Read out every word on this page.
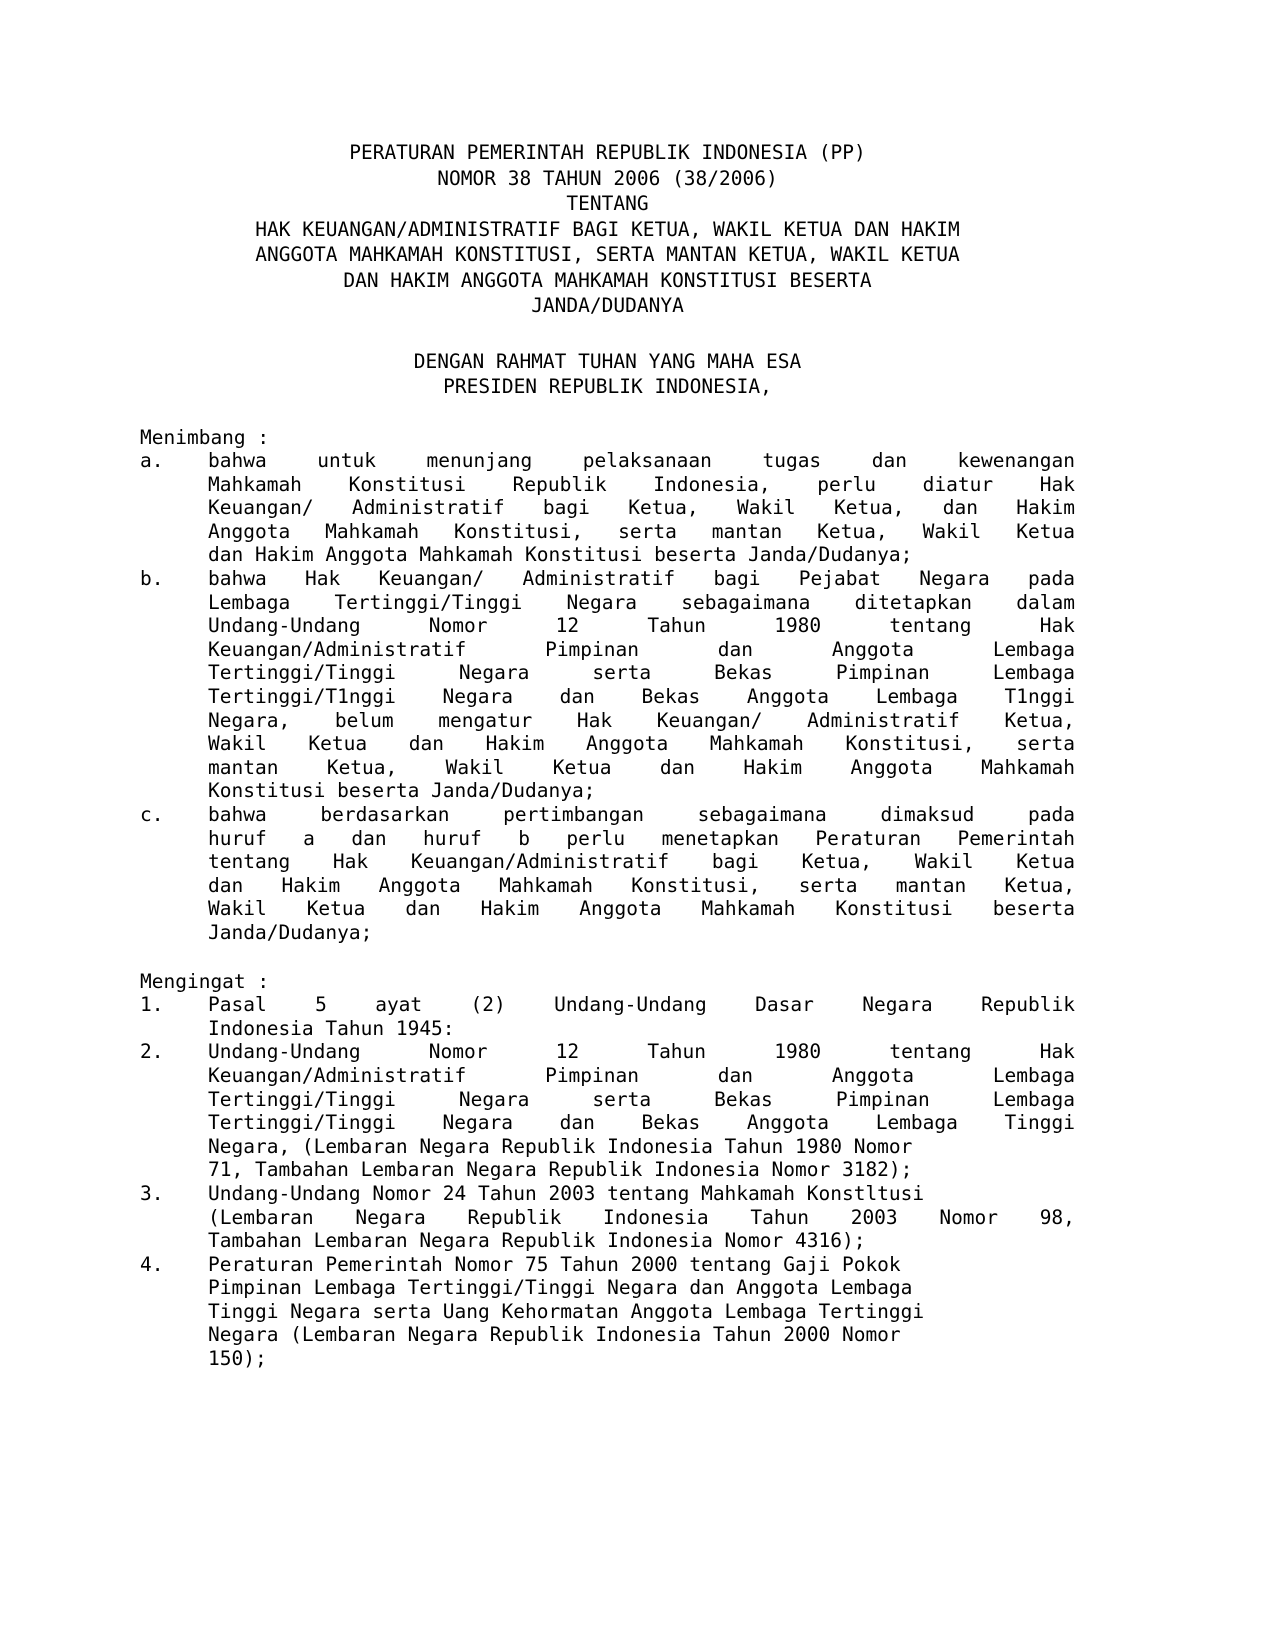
PERATURAN PEMERINTAH REPUBLIK INDONESIA (PP)
NOMOR 38 TAHUN 2006 (38/2006)
TENTANG
HAK KEUANGAN/ADMINISTRATIF BAGI KETUA, WAKIL KETUA DAN HAKIM
ANGGOTA MAHKAMAH KONSTITUSI, SERTA MANTAN KETUA, WAKIL KETUA
DAN HAKIM ANGGOTA MAHKAMAH KONSTITUSI BESERTA
JANDA/DUDANYA
DENGAN RAHMAT TUHAN YANG MAHA ESA
PRESIDEN REPUBLIK INDONESIA,
Menimbang :
a.	bahwa	untuk	menunjang	pelaksanaan	tugas	dan	kewenangan
Mahkamah Konstitusi Republik Indonesia, perlu diatur Hak
Keuangan/ Administratif bagi Ketua, Wakil Ketua, dan Hakim
Anggota Mahkamah Konstitusi, serta mantan Ketua, Wakil Ketua
dan Hakim Anggota Mahkamah Konstitusi beserta Janda/Dudanya;
b.	bahwa Hak Keuangan/ Administratif bagi Pejabat Negara pada
Lembaga Tertinggi/Tinggi Negara sebagaimana ditetapkan dalam
Undang-Undang	Nomor	12	Tahun	1980	tentang	Hak
Keuangan/Administratif	Pimpinan	dan	Anggota	Lembaga
Tertinggi/Tinggi	Negara	serta	Bekas	Pimpinan	Lembaga
Tertinggi/T1nggi Negara dan Bekas Anggota Lembaga T1nggi
Negara, belum mengatur Hak Keuangan/ Administratif Ketua,
Wakil Ketua dan Hakim Anggota Mahkamah Konstitusi, serta
mantan Ketua, Wakil Ketua dan Hakim Anggota Mahkamah
Konstitusi beserta Janda/Dudanya;
c.	bahwa	berdasarkan	pertimbangan	sebagaimana	dimaksud	pada
huruf a dan huruf b perlu menetapkan Peraturan Pemerintah
tentang Hak Keuangan/Administratif bagi Ketua, Wakil Ketua
dan Hakim Anggota Mahkamah Konstitusi, serta mantan Ketua,
Wakil Ketua dan Hakim Anggota Mahkamah Konstitusi beserta
Janda/Dudanya;
Mengingat :
1.	Pasal 5 ayat (2) Undang-Undang Dasar Negara Republik
Indonesia Tahun 1945:
2.	Undang-Undang	Nomor	12	Tahun	1980	tentang	Hak
Keuangan/Administratif	Pimpinan	dan	Anggota	Lembaga
Tertinggi/Tinggi	Negara	serta	Bekas	Pimpinan	Lembaga
Tertinggi/Tinggi Negara dan Bekas Anggota Lembaga Tinggi
Negara, (Lembaran Negara Republik Indonesia Tahun 1980 Nomor
71, Tambahan Lembaran Negara Republik Indonesia Nomor 3182);
3.	Undang-Undang Nomor 24 Tahun 2003 tentang Mahkamah Konstltusi
(Lembaran Negara Republik Indonesia Tahun 2003 Nomor 98,
Tambahan Lembaran Negara Republik Indonesia Nomor 4316);
4.	Peraturan Pemerintah Nomor 75 Tahun 2000 tentang Gaji Pokok
Pimpinan Lembaga Tertinggi/Tinggi Negara dan Anggota Lembaga
Tinggi Negara serta Uang Kehormatan Anggota Lembaga Tertinggi
Negara (Lembaran Negara Republik Indonesia Tahun 2000 Nomor
150);
